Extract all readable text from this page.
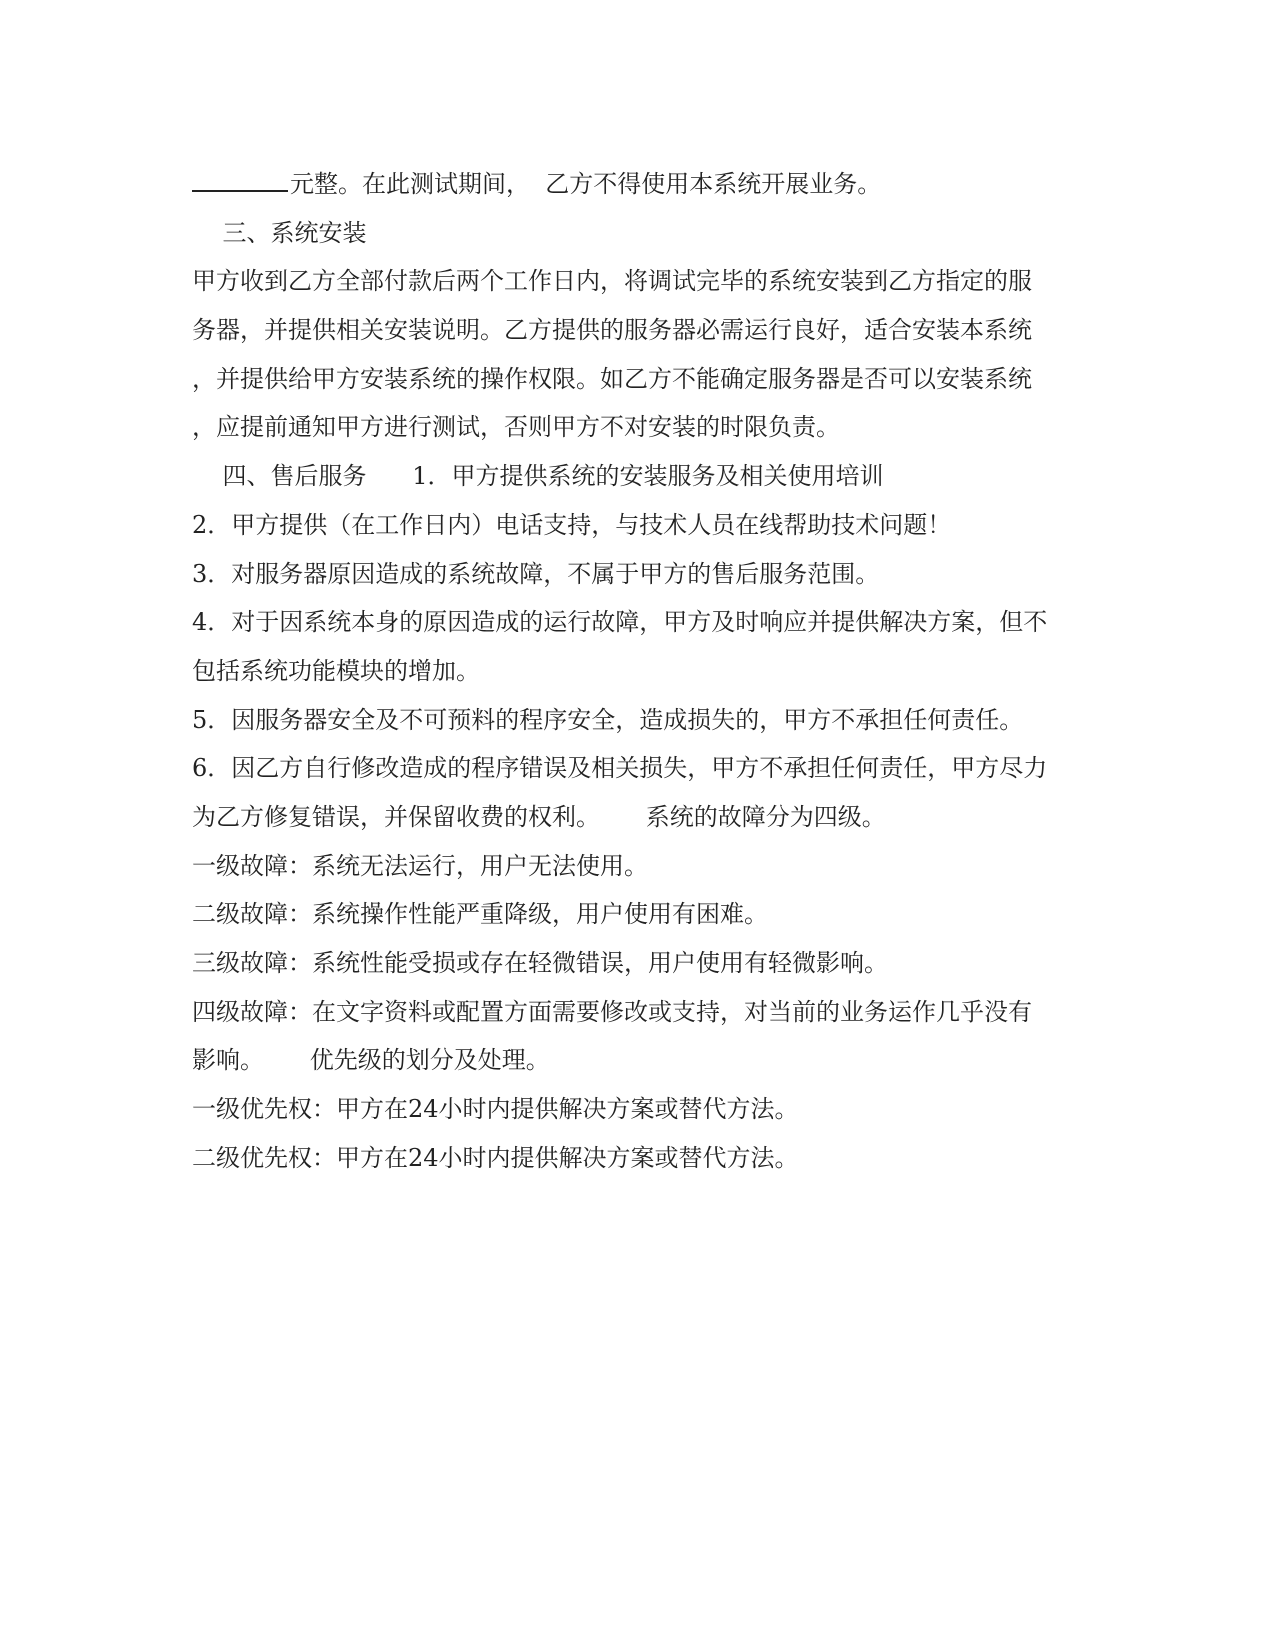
元整。在此测试期间，  乙方不得使用本系统开展业务。
三、系统安装
甲方收到乙方全部付款后两个工作日内，将调试完毕的系统安装到乙方指定的服
务器，并提供相关安装说明。乙方提供的服务器必需运行良好，适合安装本系统
，并提供给甲方安装系统的操作权限。如乙方不能确定服务器是否可以安装系统
，应提前通知甲方进行测试，否则甲方不对安装的时限负责。
四、售后服务      1．甲方提供系统的安装服务及相关使用培训
2．甲方提供（在工作日内）电话支持，与技术人员在线帮助技术问题！
3．对服务器原因造成的系统故障，不属于甲方的售后服务范围。
4．对于因系统本身的原因造成的运行故障，甲方及时响应并提供解决方案，但不
包括系统功能模块的增加。
5．因服务器安全及不可预料的程序安全，造成损失的，甲方不承担任何责任。
6．因乙方自行修改造成的程序错误及相关损失，甲方不承担任何责任，甲方尽力
为乙方修复错误，并保留收费的权利。      系统的故障分为四级。
一级故障：系统无法运行，用户无法使用。
二级故障：系统操作性能严重降级，用户使用有困难。
三级故障：系统性能受损或存在轻微错误，用户使用有轻微影响。
四级故障：在文字资料或配置方面需要修改或支持，对当前的业务运作几乎没有
影响。      优先级的划分及处理。
一级优先权：甲方在24小时内提供解决方案或替代方法。
二级优先权：甲方在24小时内提供解决方案或替代方法。
